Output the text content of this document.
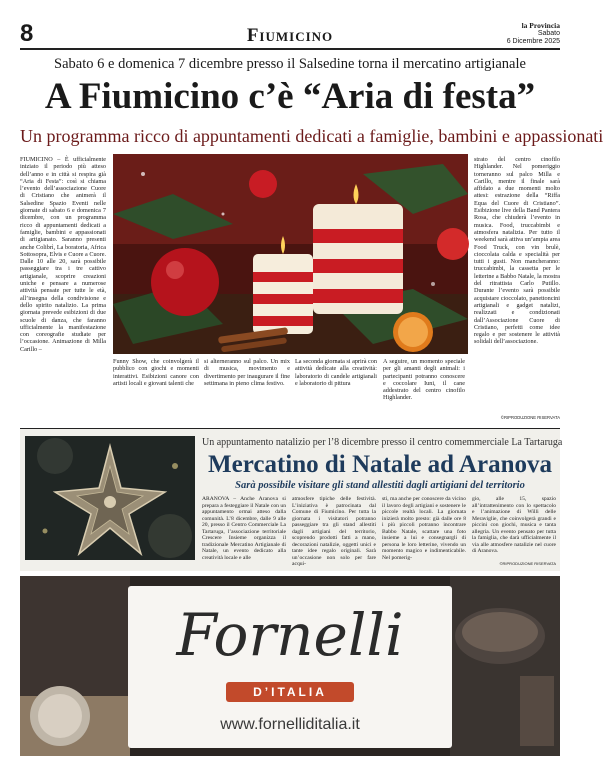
8	Fiumicino	la Provincia
Sabato
6 Dicembre 2025
Sabato 6 e domenica 7 dicembre presso il Salsedine torna il mercatino artigianale
A Fiumicino c’è “Aria di festa”
Un programma ricco di appuntamenti dedicati a famiglie, bambini e appassionati
FIUMICINO – È ufficialmente iniziato il periodo più atteso dell’anno e in città si respira già “Aria di Festa”: così si chiama l’evento dell’associazione Cuore di Cristiano che animerà il Salsedine Spazio Eventi nelle giornate di sabato 6 e domenica 7 dicembre, con un programma ricco di appuntamenti dedicati a famiglie, bambini e appassionati di artigianato. Saranno presenti anche Colibrì, La boratoria, Africa Sottosopra, Elvis e Cuore a Cuore. Dalle 10 alle 20, sarà possibile passeggiare tra i tre cattivo artigianale, scoprire creazioni uniche e pensare a numerose attività pensate per tutte le età, all’insegna della condivisione e dello spirito natalizio. La prima giornata prevede esibizioni di due scuole di danza, che faranno ufficialmente la manifestazione con coreografie studiate per l’occasione. Animazione di Milla Carillo –
Funny Show, che coinvolgerà il pubblico con giochi e momenti interattivi. Esibizioni canore con artisti locali e giovani talenti che
si alterneranno sul palco. Un mix di musica, movimento e divertimento per inaugurare il fine settimana in pieno clima festivo.
La seconda giornata si aprirà con attività dedicate alla creatività: laboratorio di candele artigianali e laboratorio di pittura
A seguire, un momento speciale per gli amanti degli animali: i partecipanti potranno conoscere e coccolare Iuni, il cane addestrato del centro cinofilo Highlander.
strato del centro cinofilo Highlander. Nel pomeriggio torneranno sul palco Milla e Carillo, mentre il finale sarà affidato a due momenti molto attesi: estrazione della “Riffa Equa del Cuore di Cristiano”. Esibizione live della Band Pantera Rosa, che chiuderà l’evento in musica. Food, truccabimbi e atmosfera natalizia. Per tutto il weekend sarà attiva un’ampia area Food Truck, con vin brulè, cioccolata calda e specialità per tutti i gusti. Non mancheranno: truccabimbi, la cassetta per le letterine a Babbo Natale, la mostra del ritrattista Carlo Putillo. Durante l’evento sarà possibile acquistare cioccolato, panettoncini artigianali e gadget natalizi, realizzati e condizionati dall’Associazione Cuore di Cristiano, perfetti come idee regalo e per sostenere le attività solidali dell’associazione.
©RIPRODUZIONE RISERVATA
Un appuntamento natalizio per l’8 dicembre presso il centro comemmerciale La Tartaruga
Mercatino di Natale ad Aranova
Sarà possibile visitare gli stand allestiti dagli artigiani del territorio
ARANOVA – Anche Aranova si prepara a festeggiare il Natale con un appuntamento ormai atteso dalla comunità. L’8 dicembre, dalle 9 alle 20, presso il Centro Commerciale La Tartaruga, l’associazione territoriale Crescere Insieme organizza il tradizionale Mercatino Artigianale di Natale, un evento dedicato alla creatività locale e alle
atmosfere tipiche delle festività. L’iniziativa è patrocinata dal Comune di Fiumicino. Per tutta la giornata i visitatori potranno passeggiare tra gli stand allestiti dagli artigiani del territorio, scoprendo prodotti fatti a mano, decorazioni natalizie, oggetti unici e tante idee regalo originali. Sarà un’occasione non solo per fare acqui-
sti, ma anche per conoscere da vicino il lavoro degli artigiani e sostenere le piccole realtà locali. La giornata inizierà molto presto: già dalle ore 8 i più piccoli potranno incontrare Babbo Natale, scattare una foto insieme a lui e consegnargli di persona le loro letterine, vivendo un momento magico e indimenticabile. Nel pomerig-
gio, alle 15, spazio all’intrattenimento con lo spettacolo e l’animazione di Willi delle Meraviglie, che coinvolgerà grandi e piccini con giochi, musica e tanta allegria. Un evento pensato per tutta la famiglia, che darà ufficialmente il via alle atmosfere natalizie nel cuore di Aranova.
©RIPRODUZIONE RISERVATA
Fornelli
D’ITALIA
www.fornelliditalia.it
